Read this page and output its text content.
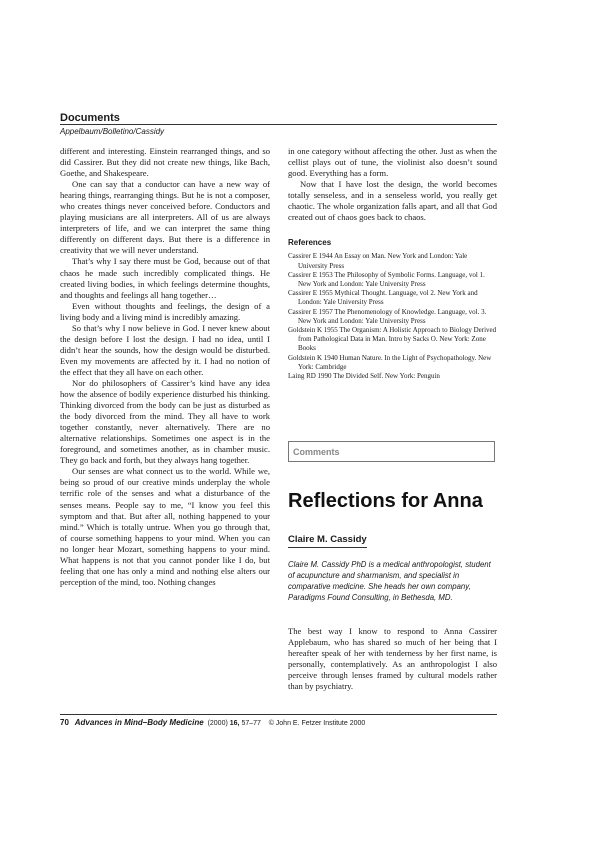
Documents
Appelbaum/Bolletino/Cassidy

different and interesting. Einstein rearranged things, and so did Cassirer. But they did not create new things, like Bach, Goethe, and Shakespeare.

One can say that a conductor can have a new way of hearing things, rearranging things. But he is not a composer, who creates things never conceived before. Conductors and playing musicians are all interpreters. All of us are always interpreters of life, and we can interpret the same thing differently on different days. But there is a difference in creativity that we will never understand.

That’s why I say there must be God, because out of that chaos he made such incredibly complicated things. He created living bodies, in which feelings determine thoughts, and thoughts and feelings all hang together…

Even without thoughts and feelings, the design of a living body and a living mind is incredibly amazing.

So that’s why I now believe in God. I never knew about the design before I lost the design. I had no idea, until I didn’t hear the sounds, how the design would be disturbed. Even my movements are affected by it. I had no notion of the effect that they all have on each other.

Nor do philosophers of Cassirer’s kind have any idea how the absence of bodily experience disturbed his thinking. Thinking divorced from the body can be just as disturbed as the body divorced from the mind. They all have to work together constantly, never alternatively. There are no alternative relationships. Sometimes one aspect is in the foreground, and sometimes another, as in chamber music. They go back and forth, but they always hang together.

Our senses are what connect us to the world. While we, being so proud of our creative minds underplay the whole terrific role of the senses and what a disturbance of the senses means. People say to me, “I know you feel this symptom and that. But after all, nothing happened to your mind.” Which is totally untrue. When you go through that, of course something happens to your mind. When you can no longer hear Mozart, something happens to your mind. What happens is not that you cannot ponder like I do, but feeling that one has only a mind and nothing else alters our perception of the mind, too. Nothing changes

in one category without affecting the other. Just as when the cellist plays out of tune, the violinist also doesn’t sound good. Everything has a form.

Now that I have lost the design, the world becomes totally senseless, and in a senseless world, you really get chaotic. The whole organization falls apart, and all that God created out of chaos goes back to chaos.

References
Cassirer E 1944 An Essay on Man. New York and London: Yale University Press
Cassirer E 1953 The Philosophy of Symbolic Forms. Language, vol 1. New York and London: Yale University Press
Cassirer E 1955 Mythical Thought. Language, vol 2. New York and London: Yale University Press
Cassirer E 1957 The Phenomenology of Knowledge. Language, vol. 3. New York and London: Yale University Press
Goldstein K 1955 The Organism: A Holistic Approach to Biology Derived from Pathological Data in Man. Intro by Sacks O. New York: Zone Books
Goldstein K 1940 Human Nature. In the Light of Psychopathology. New York: Cambridge
Laing RD 1990 The Divided Self. New York: Penguin
Comments
Reflections for Anna
Claire M. Cassidy
Claire M. Cassidy PhD is a medical anthropologist, student of acupuncture and sharmanism, and specialist in comparative medicine. She heads her own company, Paradigms Found Consulting, in Bethesda, MD.
The best way I know to respond to Anna Cassirer Applebaum, who has shared so much of her being that I hereafter speak of her with tenderness by her first name, is personally, contemplatively. As an anthropologist I also perceive through lenses framed by cultural models rather than by psychiatry.
70 Advances in Mind–Body Medicine (2000) 16, 57–77 © John E. Fetzer Institute 2000
